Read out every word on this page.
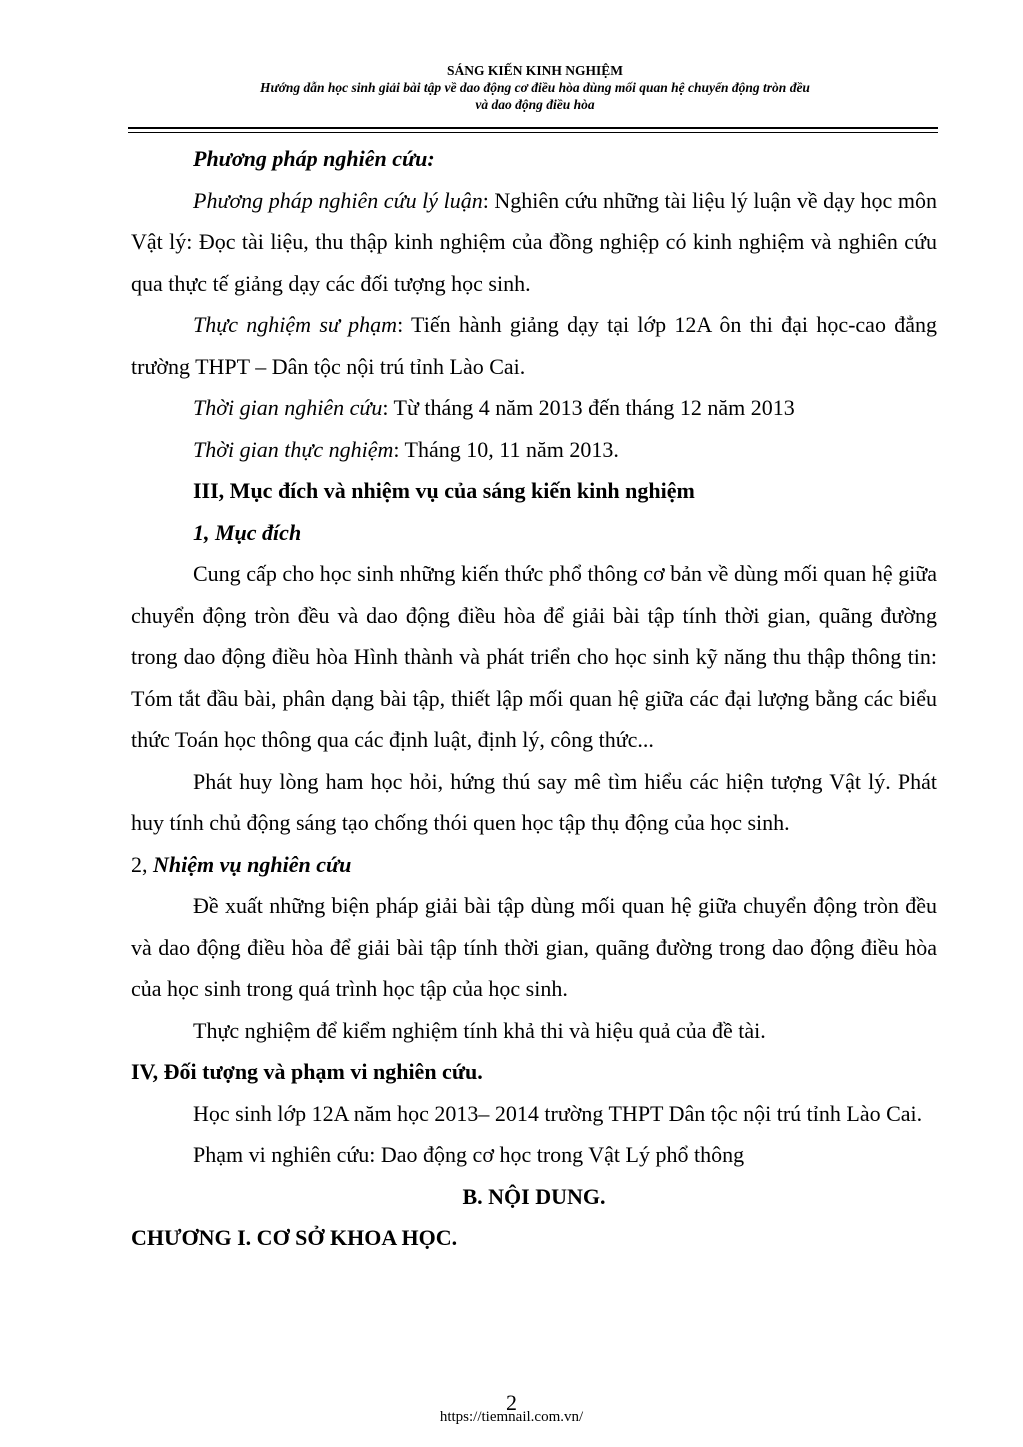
SÁNG KIẾN KINH NGHIỆM
Hướng dẫn học sinh giải bài tập về dao động cơ điều hòa dùng mối quan hệ chuyển động tròn đều
và dao động điều hòa

Phương pháp nghiên cứu:

Phương pháp nghiên cứu lý luận: Nghiên cứu những tài liệu lý luận về dạy học môn Vật lý: Đọc tài liệu, thu thập kinh nghiệm của đồng nghiệp có kinh nghiệm và nghiên cứu qua thực tế giảng dạy các đối tượng học sinh.

Thực nghiệm sư phạm: Tiến hành giảng dạy tại lớp 12A ôn thi đại học-cao đẳng trường THPT – Dân tộc nội trú tỉnh Lào Cai.

Thời gian nghiên cứu: Từ tháng 4 năm 2013 đến tháng 12 năm 2013

Thời gian thực nghiệm: Tháng 10, 11 năm 2013.

III, Mục đích và nhiệm vụ của sáng kiến kinh nghiệm

1, Mục đích

Cung cấp cho học sinh những kiến thức phổ thông cơ bản về dùng mối quan hệ giữa chuyển động tròn đều và dao động điều hòa để giải bài tập tính thời gian, quãng đường trong dao động điều hòa Hình thành và phát triển cho học sinh kỹ năng thu thập thông tin: Tóm tắt đầu bài, phân dạng bài tập, thiết lập mối quan hệ giữa các đại lượng bằng các biểu thức Toán học thông qua các định luật, định lý, công thức...

Phát huy lòng ham học hỏi, hứng thú say mê tìm hiểu các hiện tượng Vật lý. Phát huy tính chủ động sáng tạo chống thói quen học tập thụ động của học sinh.

2, Nhiệm vụ nghiên cứu

Đề xuất những biện pháp giải bài tập dùng mối quan hệ giữa chuyển động tròn đều và dao động điều hòa để giải bài tập tính thời gian, quãng đường trong dao động điều hòa của học sinh trong quá trình học tập của học sinh.

Thực nghiệm để kiểm nghiệm tính khả thi và hiệu quả của đề tài.

IV, Đối tượng và phạm vi nghiên cứu.

Học sinh lớp 12A năm học 2013– 2014 trường THPT Dân tộc nội trú tỉnh Lào Cai.

Phạm vi nghiên cứu: Dao động cơ học trong Vật Lý phổ thông

B. NỘI DUNG.

CHƯƠNG I. CƠ SỞ KHOA HỌC.

2
https://tiemnail.com.vn/
